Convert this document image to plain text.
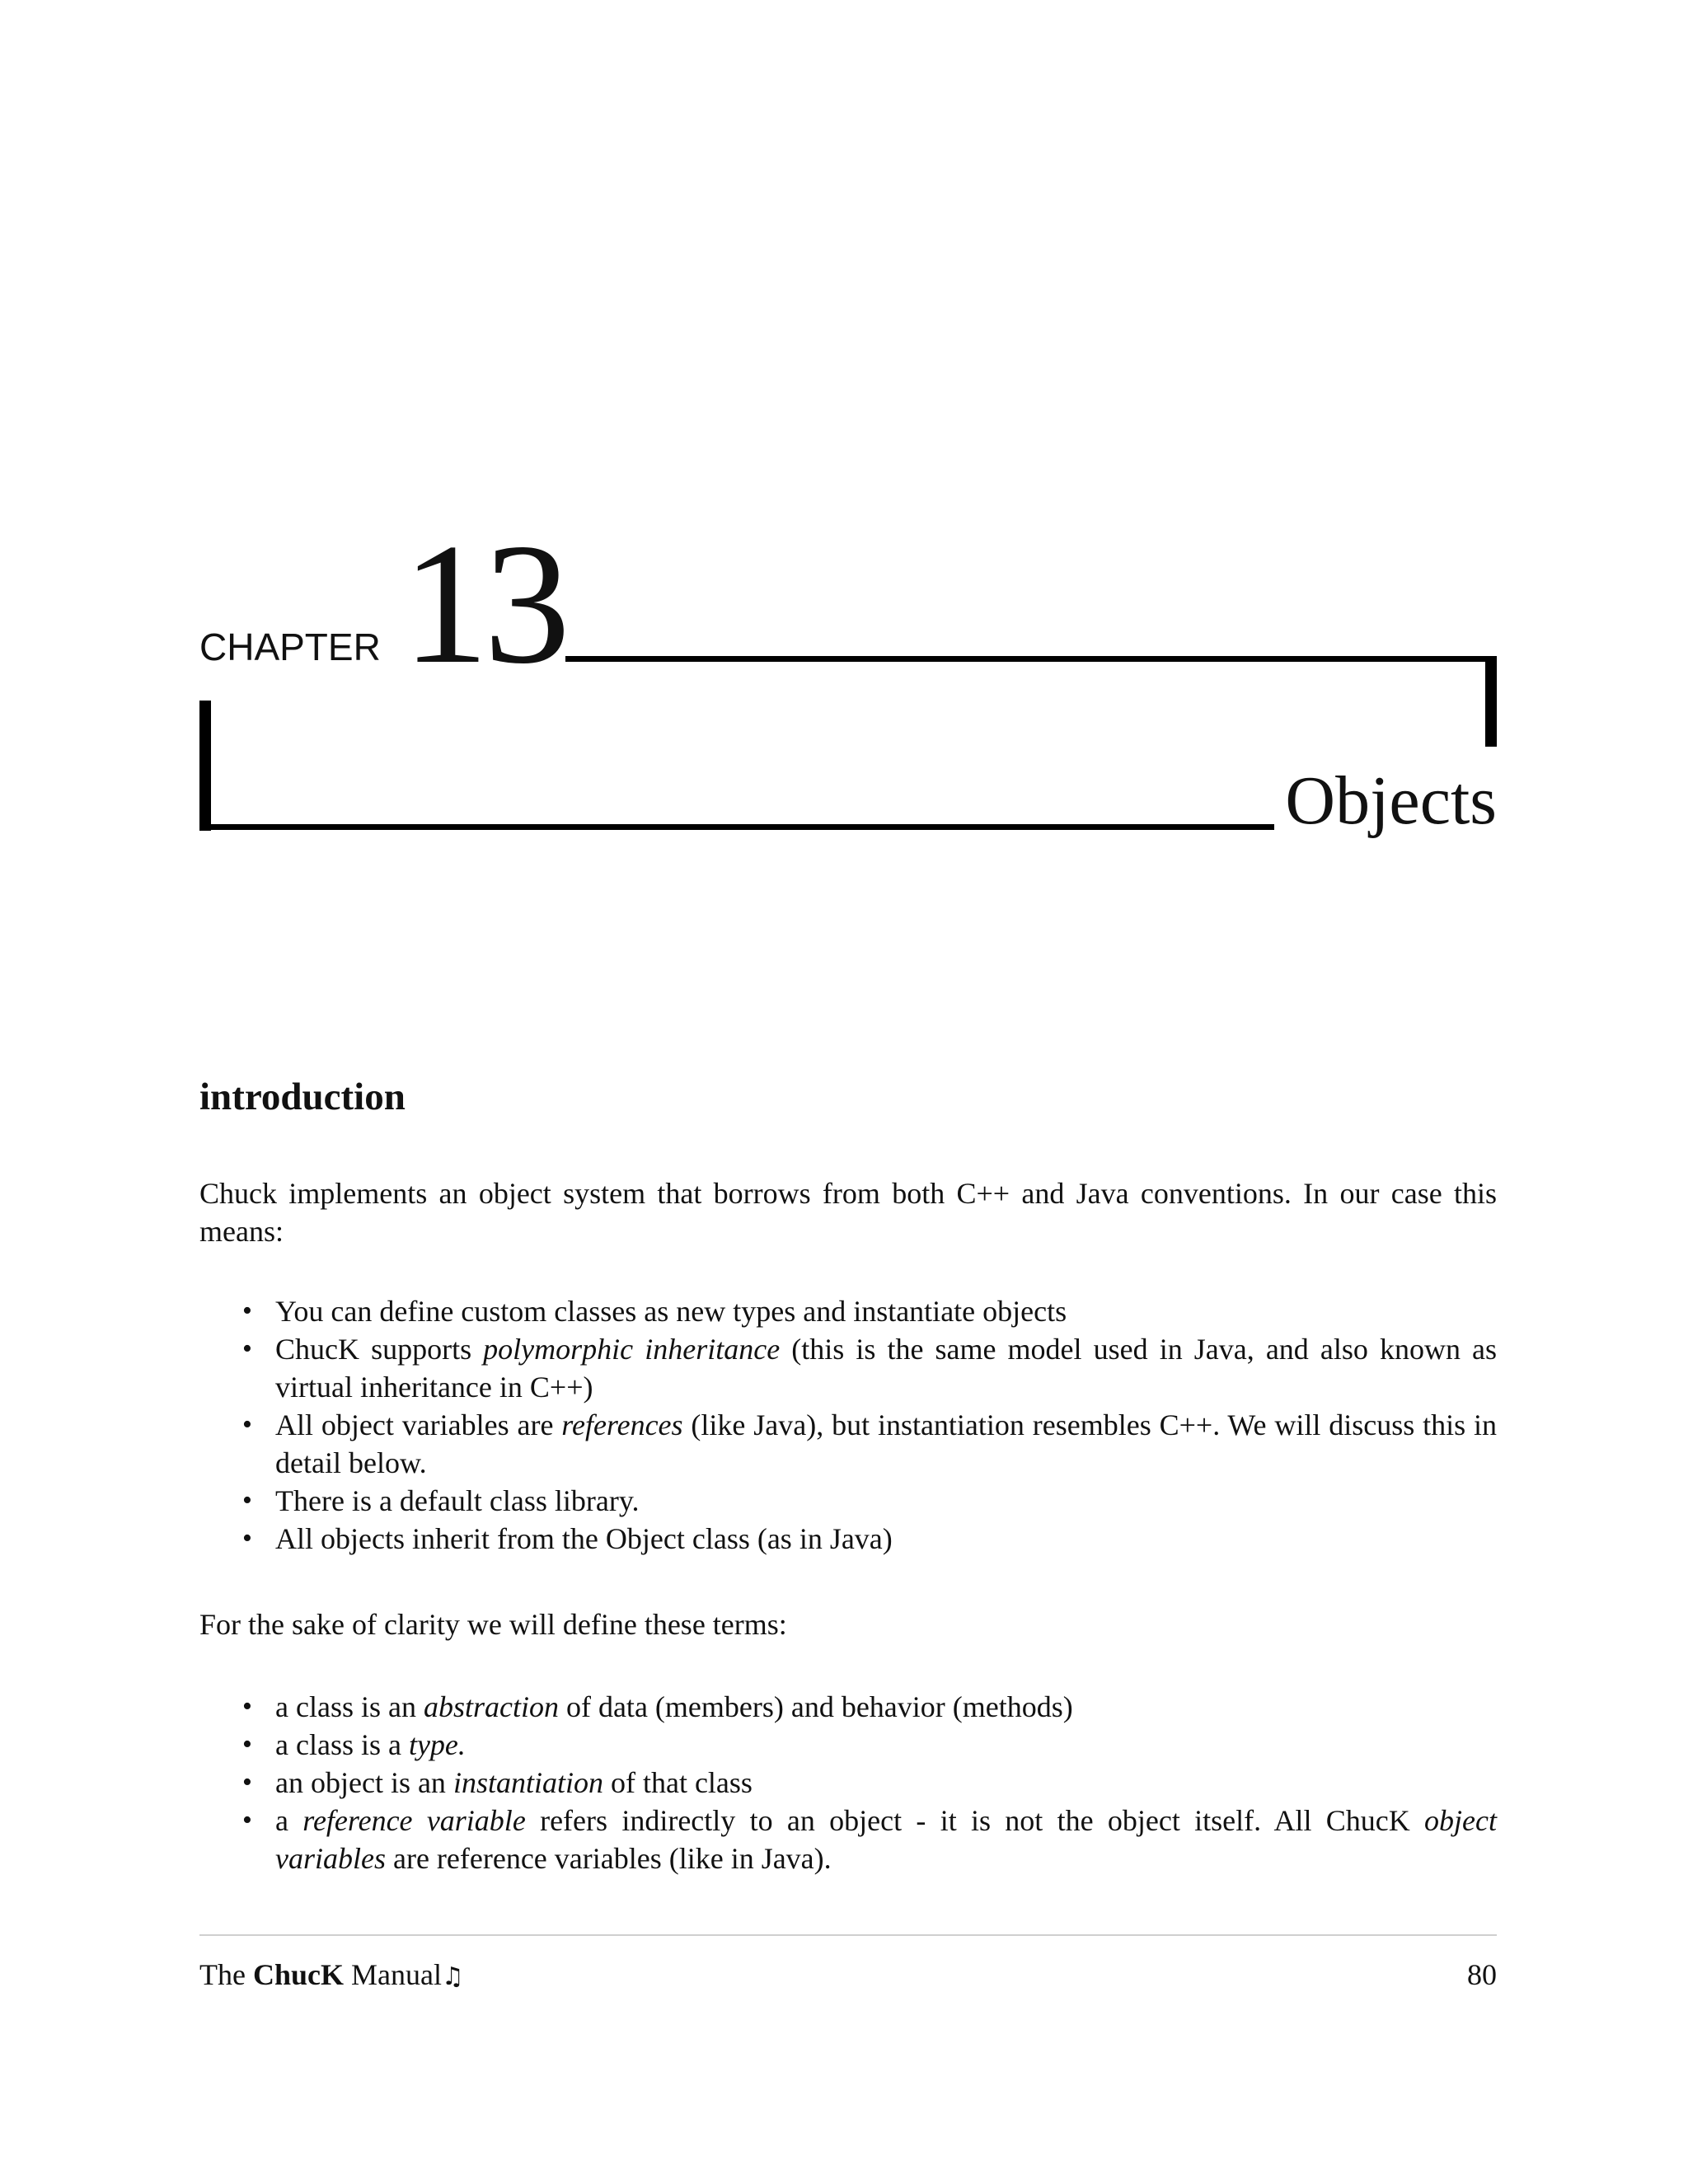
CHAPTER 13
Objects
introduction

Chuck implements an object system that borrows from both C++ and Java conventions. In our case this means:

• You can define custom classes as new types and instantiate objects
• ChucK supports polymorphic inheritance (this is the same model used in Java, and also known as virtual inheritance in C++)
• All object variables are references (like Java), but instantiation resembles C++. We will discuss this in detail below.
• There is a default class library.
• All objects inherit from the Object class (as in Java)

For the sake of clarity we will define these terms:

• a class is an abstraction of data (members) and behavior (methods)
• a class is a type.
• an object is an instantiation of that class
• a reference variable refers indirectly to an object - it is not the object itself. All ChucK object variables are reference variables (like in Java).
The ChucK Manual♫	80
